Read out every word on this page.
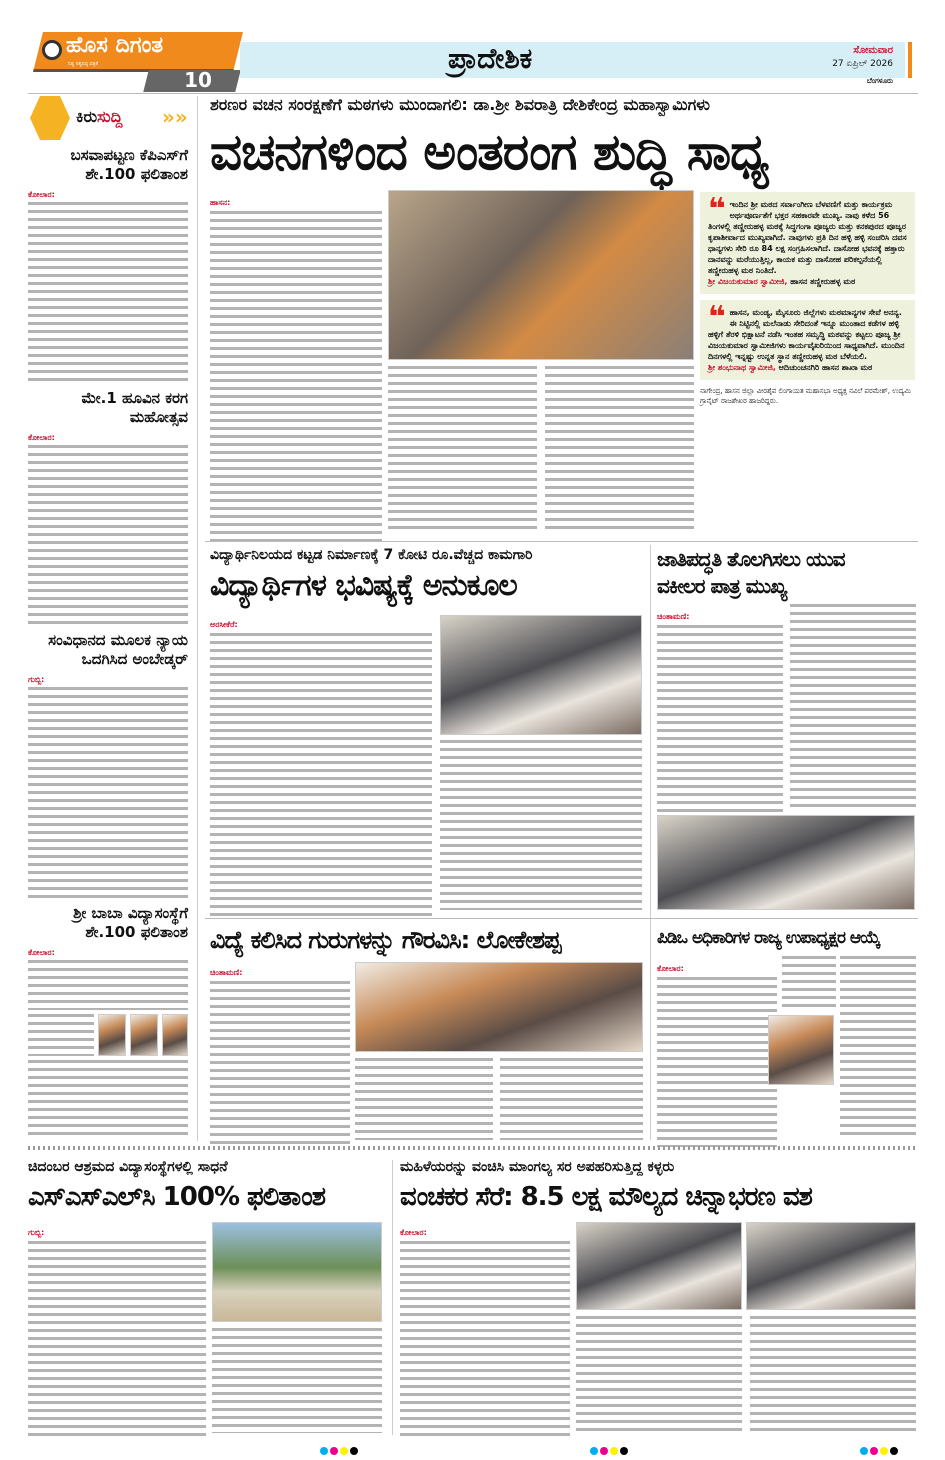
ಹೊಸ ದಿಗಂತ
ನಿತ್ಯ ಸತ್ಯನಿಷ್ಠ ಪತ್ರಿಕೆ
10
ಪ್ರಾದೇಶಿಕ	ಸೋಮವಾರ
27 ಏಪ್ರಿಲ್ 2026
ಬೆಂಗಳೂರು
ಕಿರುಸುದ್ದಿ »»
ಬಸವಾಪಟ್ಟಣ ಕೆಪಿಎಸ್‌ಗೆ ಶೇ.100 ಫಲಿತಾಂಶ
ಕೋಲಾರ:
ಮೇ.1 ಹೂವಿನ ಕರಗ ಮಹೋತ್ಸವ
ಕೋಲಾರ:
ಸಂವಿಧಾನದ ಮೂಲಕ ನ್ಯಾಯ ಒದಗಿಸಿದ ಅಂಬೇಡ್ಕರ್
ಗುಬ್ಬಿ:
ಶ್ರೀ ಬಾಬಾ ವಿದ್ಯಾಸಂಸ್ಥೆಗೆ ಶೇ.100 ಫಲಿತಾಂಶ
ಕೋಲಾರ:
ಶರಣರ ವಚನ ಸಂರಕ್ಷಣೆಗೆ ಮಠಗಳು ಮುಂದಾಗಲಿ: ಡಾ.ಶ್ರೀ ಶಿವರಾತ್ರಿ ದೇಶಿಕೇಂದ್ರ ಮಹಾಸ್ವಾಮಿಗಳು
ವಚನಗಳಿಂದ ಅಂತರಂಗ ಶುದ್ಧಿ ಸಾಧ್ಯ
ಹಾಸನ:	❝ ಇಂದಿನ ಶ್ರೀ ಮಠದ ಸರ್ವಾಂಗೀಣ ಬೆಳವಣಿಗೆ ಮತ್ತು ಕಾರ್ಯಕ್ರಮ ಅರ್ಥಪೂರ್ಣತೆಗೆ ಭಕ್ತರ ಸಹಕಾರವೇ ಮುಖ್ಯ. ನಾವು ಕಳೆದ 56 ತಿಂಗಳಲ್ಲಿ ತಣ್ಣೀರುಹಳ್ಳ ಮಠಕ್ಕೆ ಸಿದ್ಧಗಂಗಾ ಪೂಜ್ಯರು ಮತ್ತು ಕನಕಪುರದ ಪೂಜ್ಯರ ಕೃಪಾಶೀರ್ವಾದ ಮುಖ್ಯವಾಗಿದೆ. ನಾವುಗಳು ಪ್ರತಿ ದಿನ ಹಳ್ಳಿ ಹಳ್ಳಿ ಸಂಚರಿಸಿ ದವಸ ಧಾನ್ಯಗಳು ಸೇರಿ ರೂ 84 ಲಕ್ಷ ಸಂಗ್ರಹಿಸಲಾಗಿದೆ. ದಾಸೋಹ ಭವನಕ್ಕೆ ಹತ್ತಾರು ದಾನವನ್ನು ಮರೆಯುತ್ತಿಲ್ಲ, ಕಾಯಕ ಮತ್ತು ದಾಸೋಹ ಪರಿಕಲ್ಪನೆಯಲ್ಲಿ ತಣ್ಣೀರುಹಳ್ಳ ಮಠ ನಿಂತಿದೆ.
ಶ್ರೀ ವಿಜಯಕುಮಾರ ಸ್ವಾಮೀಜಿ, ಹಾಸನ ತಣ್ಣೀರುಹಳ್ಳ ಮಠ
❝ ಹಾಸನ, ಮಂಡ್ಯ, ಮೈಸೂರು ಜಿಲ್ಲೆಗಳು ಮಠಮಾನ್ಯಗಳ ಸೇವೆ ಅನನ್ಯ. ಈ ನಿಟ್ಟಿನಲ್ಲಿ ಮಲೆನಾಡು ಸೇರಿದಂತೆ ಇನ್ನೂ ಮುಂತಾದ ಕಡೆಗಳ ಹಳ್ಳಿ ಹಳ್ಳಿಗೆ ತೆರಳಿ ಭಿಕ್ಷಾಟನೆ ನಡೆಸಿ ಇಂತಹ ಸಮೃದ್ಧಿ ಮಠವನ್ನು ಕಟ್ಟಲು ಪೂಜ್ಯ ಶ್ರೀ ವಿಜಯಕುಮಾರ ಸ್ವಾಮೀಜಿಗಳು ಕಾರ್ಯವೈಖರಿಯಿಂದ ಸಾಧ್ಯವಾಗಿದೆ. ಮುಂದಿನ ದಿನಗಳಲ್ಲಿ ಇನ್ನಷ್ಟು ಉನ್ನತ ಸ್ಥಾನ ತಣ್ಣೀರುಹಳ್ಳ ಮಠ ಬೆಳೆಯಲಿ.
ಶ್ರೀ ಶಂಭುನಾಥ ಸ್ವಾಮೀಜಿ, ಆದಿಚುಂಚನಗಿರಿ ಹಾಸನ ಶಾಖಾ ಮಠ
ನಾಗೇಂದ್ರ, ಹಾಸನ ಜಿಲ್ಲಾ ವೀರಶೈವ ಲಿಂಗಾಯತ ಮಹಾಸಭಾ ಅಧ್ಯಕ್ಷ ನವಿಲೆ ಪರಮೇಶ್, ಉದ್ಯಮಿ ಗ್ರಾನೈಟ್ ರಾಜಶೇಖರ ಹಾಜರಿದ್ದರು.
ವಿದ್ಯಾರ್ಥಿನಿಲಯದ ಕಟ್ಟಡ ನಿರ್ಮಾಣಕ್ಕೆ 7 ಕೋಟಿ ರೂ.ವೆಚ್ಚದ ಕಾಮಗಾರಿ
ವಿದ್ಯಾರ್ಥಿಗಳ ಭವಿಷ್ಯಕ್ಕೆ ಅನುಕೂಲ
ಅರಸೀಕೆರೆ:
ಜಾತಿಪದ್ಧತಿ ತೊಲಗಿಸಲು ಯುವ
ವಕೀಲರ ಪಾತ್ರ ಮುಖ್ಯ
ಚಿಂತಾಮಣಿ:
ವಿದ್ಯೆ ಕಲಿಸಿದ ಗುರುಗಳನ್ನು ಗೌರವಿಸಿ: ಲೋಕೇಶಪ್ಪ
ಚಿಂತಾಮಣಿ:
ಪಿಡಿಒ ಅಧಿಕಾರಿಗಳ ರಾಜ್ಯ ಉಪಾಧ್ಯಕ್ಷರ ಆಯ್ಕೆ
ಕೋಲಾರ:
ಚಿದಂಬರ ಆಶ್ರಮದ ವಿದ್ಯಾಸಂಸ್ಥೆಗಳಲ್ಲಿ ಸಾಧನೆ
ಎಸ್‌ಎಸ್‌ಎಲ್‌ಸಿ 100% ಫಲಿತಾಂಶ
ಗುಬ್ಬಿ:
ಮಹಿಳೆಯರನ್ನು ವಂಚಿಸಿ ಮಾಂಗಲ್ಯ ಸರ ಅಪಹರಿಸುತ್ತಿದ್ದ ಕಳ್ಳರು
ವಂಚಕರ ಸೆರೆ: 8.5 ಲಕ್ಷ ಮೌಲ್ಯದ ಚಿನ್ನಾಭರಣ ವಶ
ಕೋಲಾರ:
